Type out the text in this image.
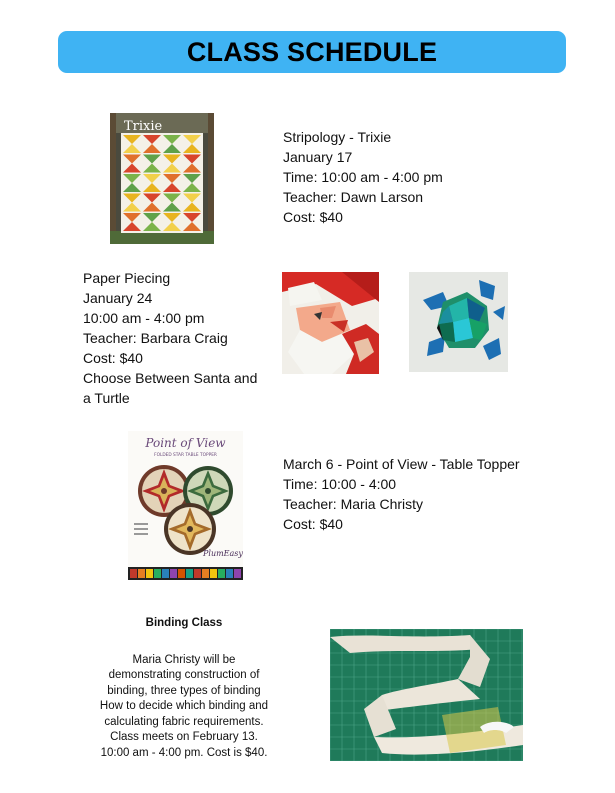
CLASS SCHEDULE
Trixie

Stripology - Trixie

January 17

Time: 10:00 am - 4:00 pm

Teacher: Dawn Larson

Cost: $40

Paper Piecing

January 24

10:00 am - 4:00 pm

Teacher: Barbara Craig

Cost: $40

Choose Between Santa and

a Turtle

Point of View
FOLDED STAR TABLE TOPPER
PlumEasy

March 6 - Point of View - Table Topper

Time: 10:00 - 4:00

Teacher: Maria Christy

Cost: $40

Binding Class

Maria Christy will be

demonstrating construction of

binding, three types of binding

How to decide which binding and

calculating fabric requirements.

Class meets on February 13.

10:00 am - 4:00 pm. Cost is $40.
